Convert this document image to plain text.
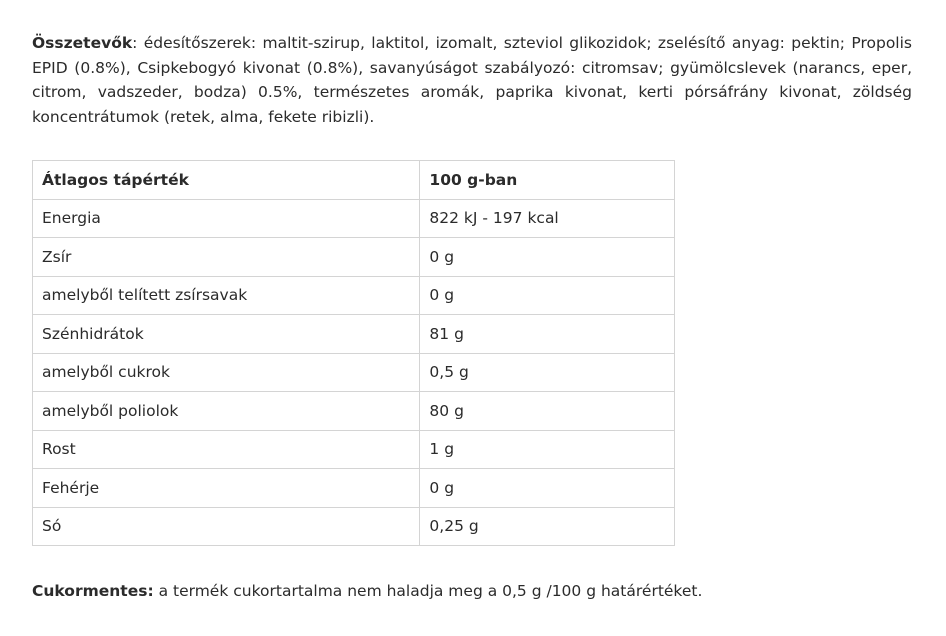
Összetevők: édesítőszerek: maltit-szirup, laktitol, izomalt, szteviol glikozidok; zselésítő anyag: pektin; Propolis EPID (0.8%), Csipkebogyó kivonat (0.8%), savanyúságot szabályozó: citromsav; gyümölcslevek (narancs, eper, citrom, vadszeder, bodza) 0.5%, természetes aromák, paprika kivonat, kerti pórsáfrány kivonat, zöldség koncentrátumok (retek, alma, fekete ribizli).

Átlagos tápérték	100 g-ban
Energia	822 kJ - 197 kcal
Zsír	0 g
amelyből telített zsírsavak	0 g
Szénhidrátok	81 g
amelyből cukrok	0,5 g
amelyből poliolok	80 g
Rost	1 g
Fehérje	0 g
Só	0,25 g

Cukormentes: a termék cukortartalma nem haladja meg a 0,5 g /100 g határértéket.
